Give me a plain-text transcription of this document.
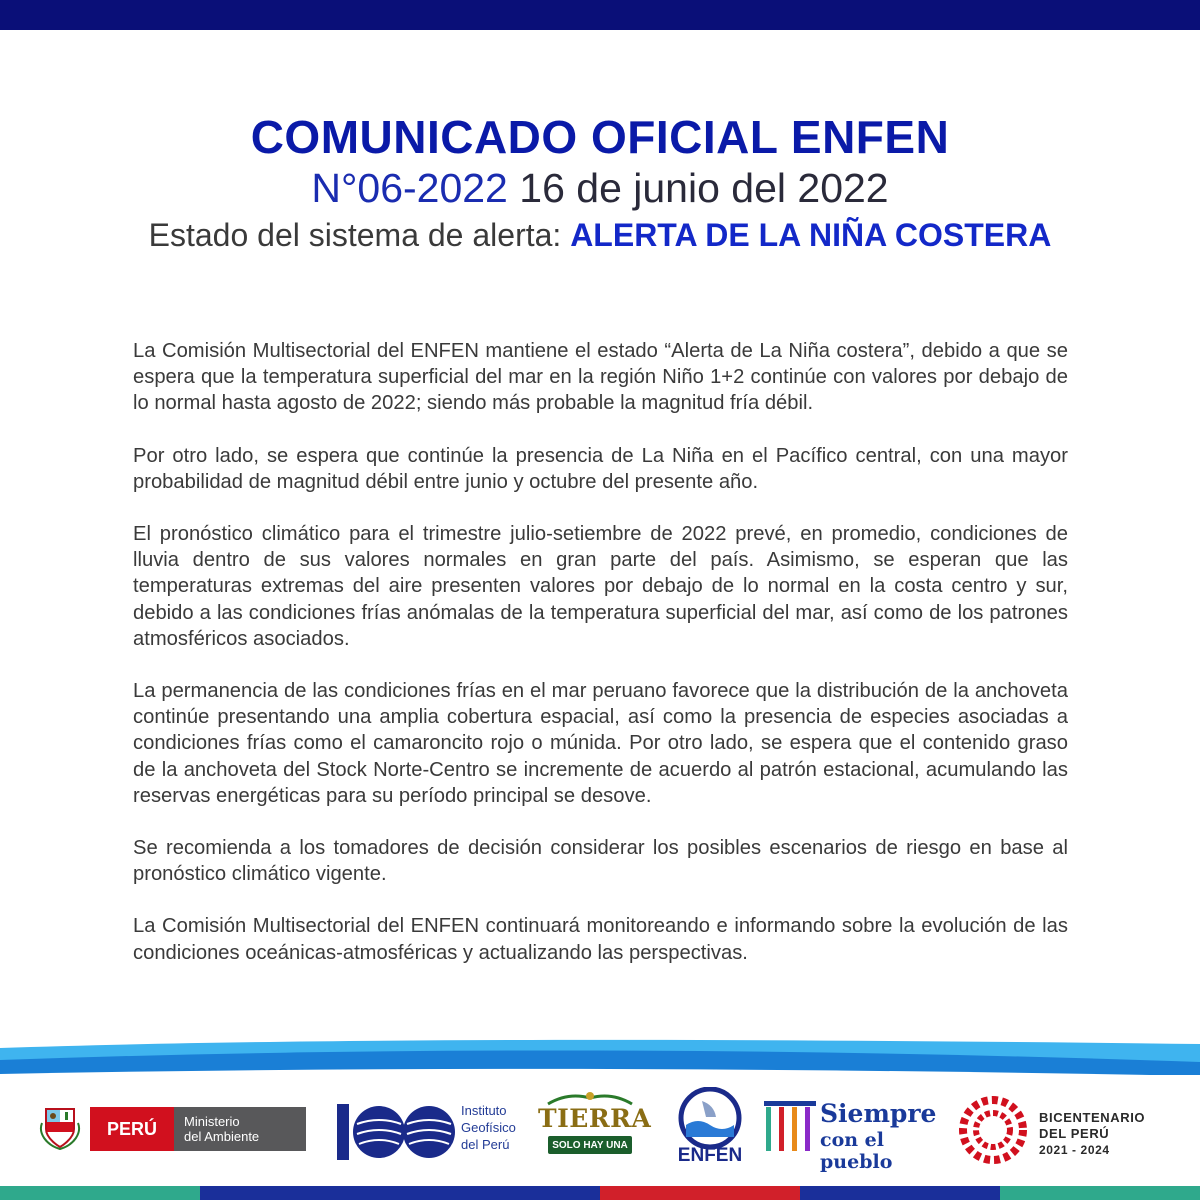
COMUNICADO OFICIAL ENFEN
N°06-2022 16 de junio del 2022
Estado del sistema de alerta: ALERTA DE LA NIÑA COSTERA

La Comisión Multisectorial del ENFEN mantiene el estado “Alerta de La Niña costera”, debido a que se espera que la temperatura superficial del mar en la región Niño 1+2 continúe con valores por debajo de lo normal hasta agosto de 2022; siendo más probable la magnitud fría débil.

Por otro lado, se espera que continúe la presencia de La Niña en el Pacífico central, con una mayor probabilidad de magnitud débil entre junio y octubre del presente año.

El pronóstico climático para el trimestre julio-setiembre de 2022 prevé, en promedio, condiciones de lluvia dentro de sus valores normales en gran parte del país. Asimismo, se esperan que las temperaturas extremas del aire presenten valores por debajo de lo normal en la costa centro y sur, debido a las condiciones frías anómalas de la temperatura superficial del mar, así como de los patrones atmosféricos asociados.

La permanencia de las condiciones frías en el mar peruano favorece que la distribución de la anchoveta continúe presentando una amplia cobertura espacial, así como la presencia de especies asociadas a condiciones frías como el camaroncito rojo o múnida. Por otro lado, se espera que el contenido graso de la anchoveta del Stock Norte-Centro se incremente de acuerdo al patrón estacional, acumulando las reservas energéticas para su período principal se desove.

Se recomienda a los tomadores de decisión considerar los posibles escenarios de riesgo en base al pronóstico climático vigente.

La Comisión Multisectorial del ENFEN continuará monitoreando e informando sobre la evolución de las condiciones oceánicas-atmosféricas y actualizando las perspectivas.

PERÚ	Ministerio
del Ambiente
Instituto
Geofísico
del Perú
TIERRA
SOLO HAY UNA	ENFEN
Siempre
con el pueblo
BICENTENARIO
DEL PERÚ
2021 - 2024
